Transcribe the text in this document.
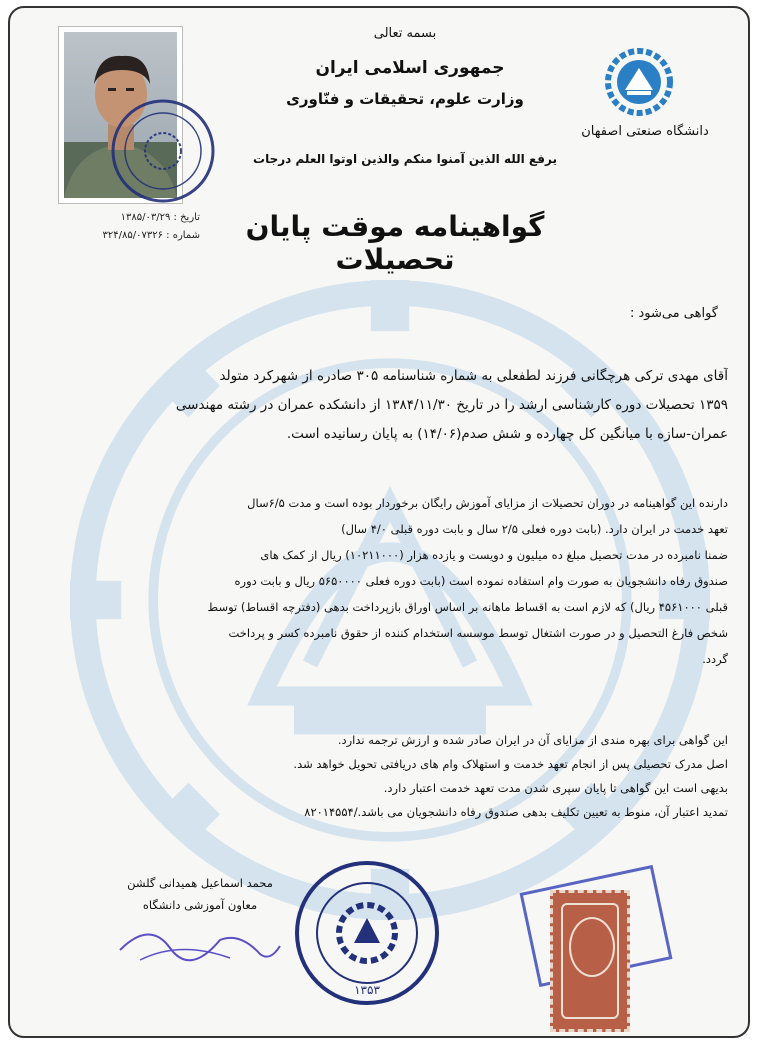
بسمه تعالی
جمهوری اسلامی ایران
وزارت علوم، تحقیقات و فنّاوری
یرفع الله الذین آمنوا منکم والذین اوتوا العلم درجات
دانشگاه صنعتی اصفهان
تاریخ : ۱۳۸۵/۰۳/۲۹
شماره : ۳۲۴/۸۵/۰۷۳۲۶	گواهینامه موقت پایان تحصیلات
گواهی می‌شود :
آقای مهدی ترکی هرچگانی فرزند لطفعلی به شماره شناسنامه ۳۰۵ صادره از شهرکرد متولد
۱۳۵۹ تحصیلات دوره کارشناسی ارشد را در تاریخ ۱۳۸۴/۱۱/۳۰ از دانشکده عمران در رشته مهندسی
عمران-سازه با میانگین کل چهارده و شش صدم(۱۴/۰۶) به پایان رسانیده است.
دارنده این گواهینامه در دوران تحصیلات از مزایای آموزش رایگان برخوردار بوده است و مدت ۶/۵سال
تعهد خدمت در ایران دارد. (بابت دوره فعلی ۲/۵ سال و بابت دوره قبلی ۴/۰ سال)
ضمنا نامبرده در مدت تحصیل مبلغ ده میلیون و دویست و یازده هزار (۱۰۲۱۱۰۰۰) ریال از کمک های
صندوق رفاه دانشجویان به صورت وام استفاده نموده است (بابت دوره فعلی ۵۶۵۰۰۰۰ ریال و بابت دوره
قبلی ۴۵۶۱۰۰۰ ریال) که لازم است به اقساط ماهانه بر اساس اوراق بازپرداخت بدهی (دفترچه اقساط) توسط
شخص فارغ التحصیل و در صورت اشتغال توسط موسسه استخدام کننده از حقوق نامبرده کسر و پرداخت
گردد.
این گواهی برای بهره مندی از مزایای آن در ایران صادر شده و ارزش ترجمه ندارد.
اصل مدرک تحصیلی پس از انجام تعهد خدمت و استهلاک وام های دریافتی تحویل خواهد شد.
بدیهی است این گواهی تا پایان سپری شدن مدت تعهد خدمت اعتبار دارد.
تمدید اعتبار آن، منوط به تعیین تکلیف بدهی صندوق رفاه دانشجویان می باشد./۸۲۰۱۴۵۵۴
محمد اسماعیل همیدانی گلشن
معاون آموزشی دانشگاه
۱۳۵۳
